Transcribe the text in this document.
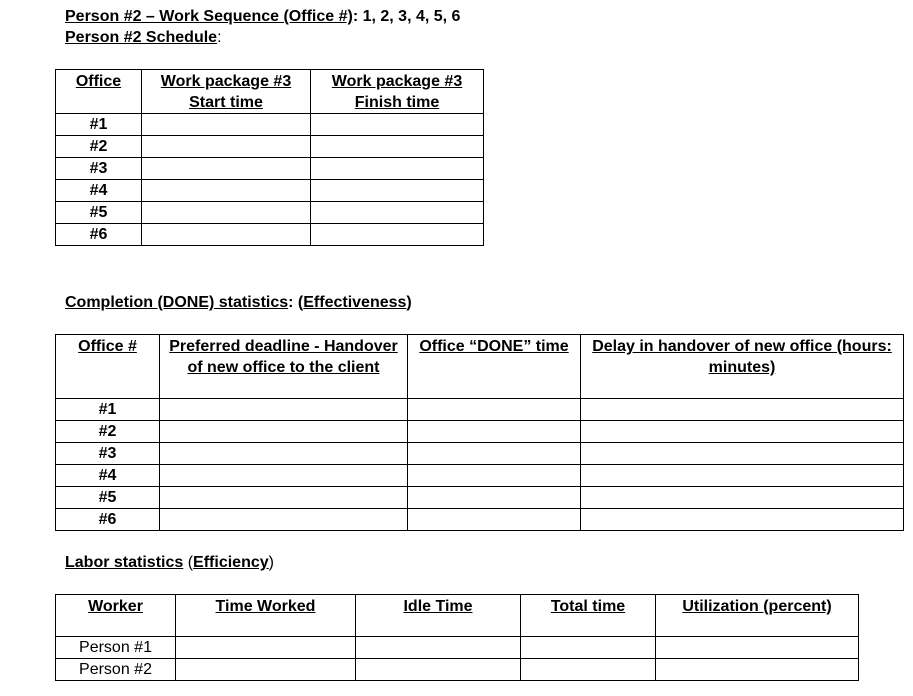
Person #2 – Work Sequence (Office #): 1, 2, 3, 4, 5, 6
Person #2 Schedule:
Office	Work package #3 Start time	Work package #3 Finish time
#1		
#2		
#3		
#4		
#5		
#6		
Completion (DONE) statistics: (Effectiveness)
Office #	Preferred deadline - Handover of new office to the client	Office “DONE” time	Delay in handover of new office (hours: minutes)
#1			
#2			
#3			
#4			
#5			
#6			
Labor statistics (Efficiency)
Worker	Time Worked	Idle Time	Total time	Utilization (percent)
Person #1				
Person #2				
